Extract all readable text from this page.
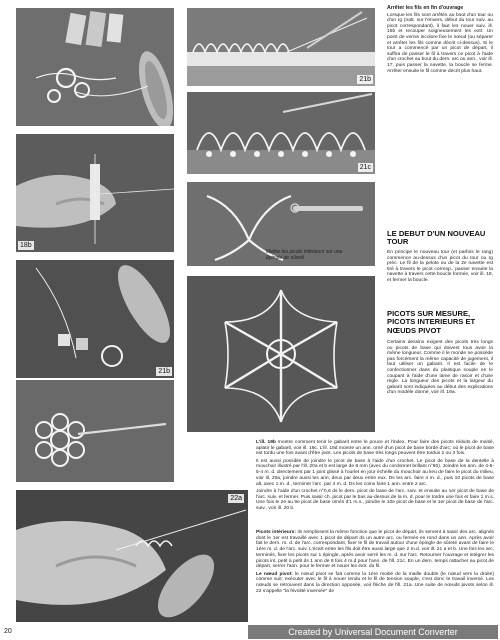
21b
21c
18b
Mettre les picots intérieurs sur une épingle de sûreté
21b
22a
Arrêter les fils en fin d'ouvrage
Lorsque les fils sont arrêtés au bout d'un tour ou d'un rg (natt. sur l'envers, début du tour suiv. au picot correspondant), il faut les nouer suiv. ill. 15b et recouper soigneusement les extr. Un point de vernis incolore fixe le nœud (ou séparer et arrêter les fils comme décrit ci-dessus). Si le tour a commencé par un picot de départ, il suffira de passer le fil à travers ce picot à l'aide d'un crochet au bout du dern. arc ou ann., voir ill. 17, puis passer la navette, la boucle se ferme. Arrêter ensuite le fil comme décrit plus haut.
LE DEBUT D'UN NOUVEAU TOUR
En principe le nouveau tour (et parfois le rang) commence au-dessus d'un picot du tour ou rg préc. Le fil de la pelote ou de la 2e navette est tiré à travers le picot corresp., passer ensuite la navette à travers cette boucle formée, voir ill. 18, et fermer la boucle.
PICOTS SUR MESURE, PICOTS INTERIEURS ET NŒUDS PIVOT
Certains dessins exigent des picots très longs ou picots de base qui doivent tous avoir la même longueur. Comme il le monde ne possède pas forcément la même capacité de jugement, il faut utiliser un gabarit. Il est facile de le confectionner dans du plastique souple en le coupant à l'aide d'une lame de rasoir et d'une règle. La longueur des picots et la largeur du gabarit sont indiquées au début des explications d'un modèle donné, voir ill. 19a.

L'ill. 19b montre comment tenir le gabarit entre le pouce et l'index. Pour faire des picots réduits de moitié, aplatir le gabarit, voir ill. 19c. L'ill. 19d montre un ann. orné d'un picot de base bordé d'arc; où le picot de base est tordu une fois avant d'être joint. Les picots de base très longs peuvent être tordus 2 ou 3 fois.

Il est aussi possible de joindre le picot de base à l'aide d'un crochet. Le picot de base de la dentelle à mouchoir illustré par l'ill. 20a et b est large de 8 mm (avec du cordonnet brillant n°60). Joindre les ann. de 4-5-5-4 m. d. directement par 1 joint glissé à l'ourlet en jour échelle du mouchoir au lieu de faire le picot du milieu, voir ill. 20a, joindre aussi les ann. deux par deux entre eux. Ds les arc. faire 4 m. d., puis 10 picots de base alt. avec 1 m. d., terminer l'arc. par 4 m. d. Ds les coins faire 1 ann. entre 2 arc.

Joindre à l'aide d'un crochet n°0,6 ds le dern. picot de base de l'arc. suiv. et ensuite au 1er picot de base de l'arc. suiv. et fermer. Puis saisir ch. picot par le bas au-dessus de la m. d. pour le tordre une fois et faire 1 m.s. Une fois le 2e au 9e picot de base ornés d'1 m.s., joindre le 10e picot de base et le 1er picot de base de l'arc. suiv., voir ill. 20 b.

Picots intérieurs: ils remplissent la même fonction que le picot de départ, ils servent à saisir des arc. alignés dont le 1er est travaillé avec 1 picot de départ ds un autre arc. ou fermés en rond dans un ann. Après avoir fait le dern. m. d. de l'arc. correspondant, fixer le fil de travail autour d'une épingle de sûreté avant de faire le 1ère m. d. de l'arc. suiv. L'écart entre les fils doit être aussi large que 2 m.d, voir ill. 21 a et b. Une fois les arc. terminés, fixer les picots sur 1 épingle, après avoir serré les m. d. sur l'arc. Retourner l'ouvrage et intégrer les picots int. petit à petit ds 1 ann de 8 fois 4 m.d pour l'ann. de l'ill. 21c. En un dern. temps rattacher au picot de départ, serrer l'ann. pour le fermer et nouer les extr. du fil.

Le nœud pivot: le nœud pivot se fait comme la 1ère moitié de la maille double (le nœud vers la droite) comme suit: exécuter avec le fil à nouer tendu et le fil de tension souple, c'est donc le travail inversé. Les nœuds se retrouvent dans la direction opposée, voir flèche de l'ill. 21a. Une suite de nœuds pivots selon ill. 22 s'appelle "la frivolité inversée" de

20	Created by Universal Document Converter
